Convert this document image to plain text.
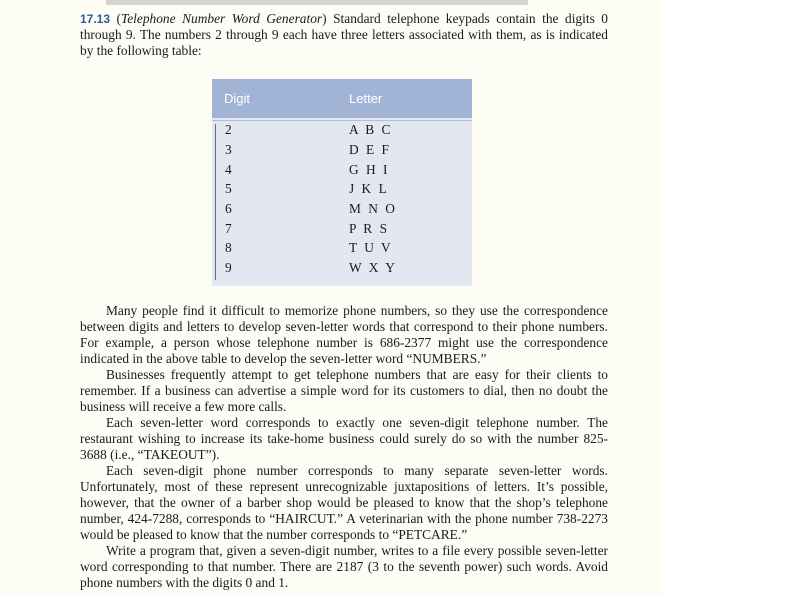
17.13 (Telephone Number Word Generator) Standard telephone keypads contain the digits 0 through 9. The numbers 2 through 9 each have three letters associated with them, as is indicated by the following table:
Digit	Letter
2	A B C
3	D E F
4	G H I
5	J K L
6	M N O
7	P R S
8	T U V
9	W X Y

Many people find it difficult to memorize phone numbers, so they use the correspondence between digits and letters to develop seven-letter words that correspond to their phone numbers. For example, a person whose telephone number is 686-2377 might use the correspondence indicated in the above table to develop the seven-letter word “NUMBERS.”

Businesses frequently attempt to get telephone numbers that are easy for their clients to remember. If a business can advertise a simple word for its customers to dial, then no doubt the business will receive a few more calls.

Each seven-letter word corresponds to exactly one seven-digit telephone number. The restaurant wishing to increase its take-home business could surely do so with the number 825-3688 (i.e., “TAKEOUT”).

Each seven-digit phone number corresponds to many separate seven-letter words. Unfortunately, most of these represent unrecognizable juxtapositions of letters. It’s possible, however, that the owner of a barber shop would be pleased to know that the shop’s telephone number, 424-7288, corresponds to “HAIRCUT.” A veterinarian with the phone number 738-2273 would be pleased to know that the number corresponds to “PETCARE.”

Write a program that, given a seven-digit number, writes to a file every possible seven-letter word corresponding to that number. There are 2187 (3 to the seventh power) such words. Avoid phone numbers with the digits 0 and 1.
